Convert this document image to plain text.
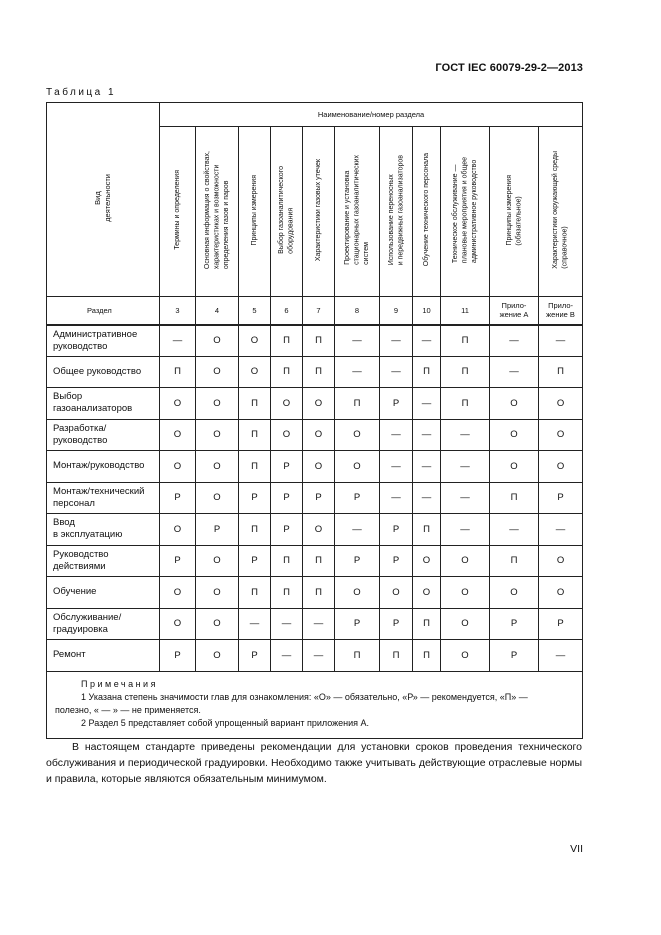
ГОСТ IEC 60079-29-2—2013
Таблица 1
Вид
деятельности	Наименование/номер раздела										
	Термины и определения	Основная информация о свойствах,
характеристиках и возможности
определения газов и паров	Принципы измерения	Выбор газоаналитического
оборудования	Характеристики газовых утечек	Проектирование и установка
стационарных газоаналитических
систем	Использование переносных
и передвижных газоанализаторов	Обучение технического персонала	Техническое обслуживание —
плановые мероприятия и общее
административное руководство	Принципы измерения
(обязательное)	Характеристики окружающей среды
(справочное)
Раздел	3	4	5	6	7	8	9	10	11	Прило-
жение А	Прило-
жение В
Административное
руководство	—	О	О	П	П	—	—	—	П	—	—
Общее руководство	П	О	О	П	П	—	—	П	П	—	П
Выбор
газоанализаторов	О	О	П	О	О	П	Р	—	П	О	О
Разработка/
руководство	О	О	П	О	О	О	—	—	—	О	О
Монтаж/руководство	О	О	П	Р	О	О	—	—	—	О	О
Монтаж/технический
персонал	Р	О	Р	Р	Р	Р	—	—	—	П	Р
Ввод
в эксплуатацию	О	Р	П	Р	О	—	Р	П	—	—	—
Руководство
действиями	Р	О	Р	П	П	Р	Р	О	О	П	О
Обучение	О	О	П	П	П	О	О	О	О	О	О
Обслуживание/
градуировка	О	О	—	—	—	Р	Р	П	О	Р	Р
Ремонт	Р	О	Р	—	—	П	П	П	О	Р	—

Примечания
1 Указана степень значимости глав для ознакомления: «О» — обязательно, «Р» — рекомендуется, «П» —
полезно, « — » — не применяется.
2 Раздел 5 представляет собой упрощенный вариант приложения А.											
В настоящем стандарте приведены рекомендации для установки сроков проведения технического обслуживания и периодической градуировки. Необходимо также учитывать действующие отраслевые нормы и правила, которые являются обязательным минимумом.
VII
